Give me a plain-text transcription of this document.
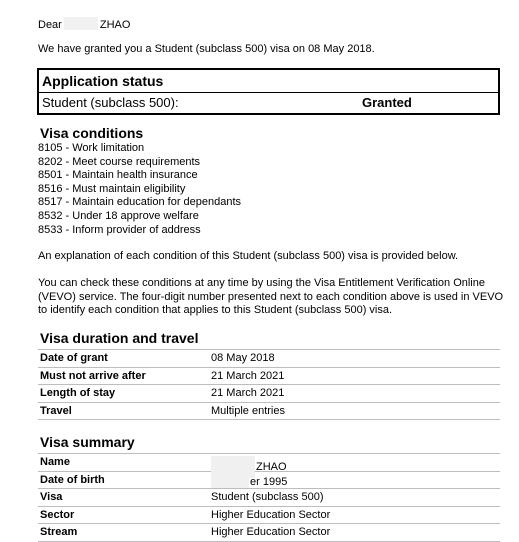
Dear	ZHAO

We have granted you a Student (subclass 500) visa on 08 May 2018.

Application status

Student (subclass 500):	Granted

Visa conditions

8105 - Work limitation
8202 - Meet course requirements
8501 - Maintain health insurance
8516 - Must maintain eligibility
8517 - Maintain education for dependants
8532 - Under 18 approve welfare
8533 - Inform provider of address

An explanation of each condition of this Student (subclass 500) visa is provided below.

You can check these conditions at any time by using the Visa Entitlement Verification Online (VEVO) service. The four-digit number presented next to each condition above is used in VEVO to identify each condition that applies to this Student (subclass 500) visa.

Visa duration and travel

Date of grant	08 May 2018
Must not arrive after	21 March 2021
Length of stay	21 March 2021
Travel	Multiple entries

Visa summary

Name	ZHAO
Date of birth	er 1995
Visa	Student (subclass 500)
Sector	Higher Education Sector
Stream	Higher Education Sector
